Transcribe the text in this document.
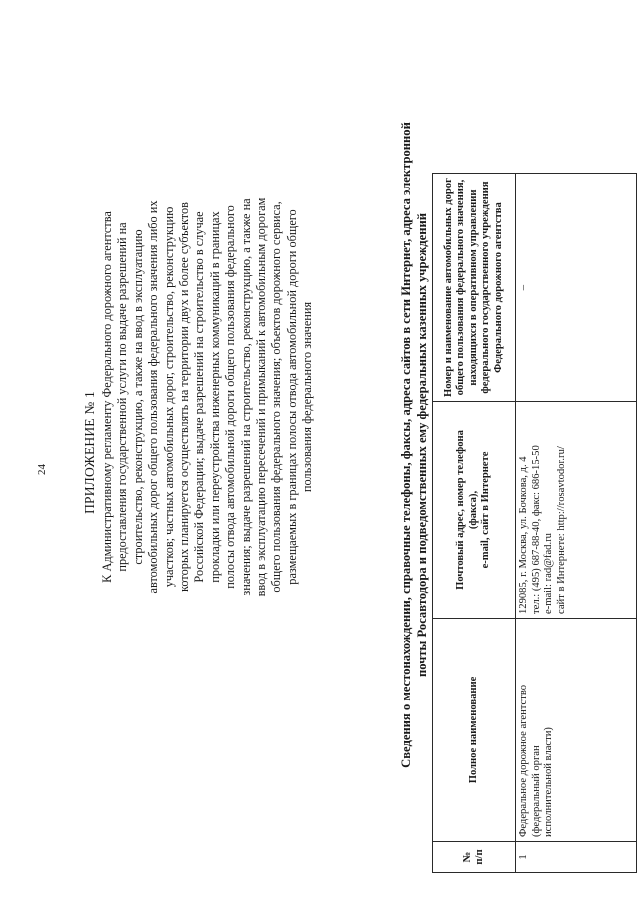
24	ПРИЛОЖЕНИЕ № 1 К Административному регламенту Федерального дорожного агентства предоставления государственной услуги по выдаче разрешений на строительство, реконструкцию, а также на ввод в эксплуатацию автомобильных дорог общего пользования федерального значения либо их участков; частных автомобильных дорог, строительство, реконструкцию которых планируется осуществлять на территории двух и более субъектов Российской Федерации; выдаче разрешений на строительство в случае прокладки или переустройства инженерных коммуникаций в границах полосы отвода автомобильной дороги общего пользования федерального значения; выдаче разрешений на строительство, реконструкцию, а также на ввод в эксплуатацию пересечений и примыканий к автомобильным дорогам общего пользования федерального значения; объектов дорожного сервиса, размещаемых в границах полосы отвода автомобильной дороги общего пользования федерального значения	Сведения о местонахождении, справочные телефоны, факсы, адреса сайтов в сети Интернет, адреса электронной почты Росавтодора и подведомственных ему федеральных казенных учреждений
№ п/п	Полное наименование	Почтовый адрес, номер телефона (факса), e-mail, сайт в Интернете	Номер и наименование автомобильных дорог общего пользования федерального значения, находящихся в оперативном управлении федерального государственного учреждения Федерального дорожного агентства

1	Федеральное дорожное агентство (федеральный орган исполнительной власти)	129085, г. Москва, ул. Бочкова, д. 4 тел.: (495) 687-88-40, факс: 686-15-50 e-mail: rad@fad.ru сайт в Интернете: http://rosavtodor.ru/	–
